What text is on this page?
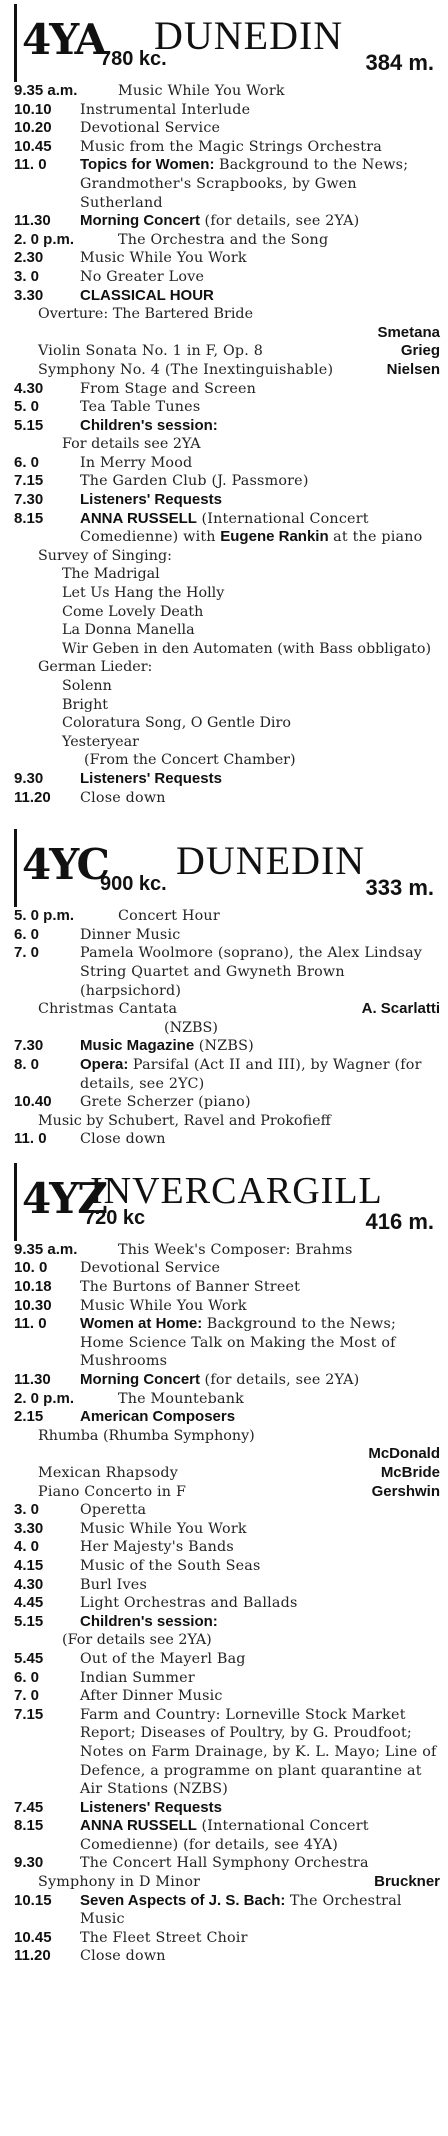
4YA
780 kc.
DUNEDIN
384 m.
9.35 a.m.	Music While You Work
10.10	Instrumental Interlude
10.20	Devotional Service
10.45	Music from the Magic Strings Orchestra
11. 0	Topics for Women: Background to the News; Grandmother's Scrapbooks, by Gwen Sutherland
11.30	Morning Concert (for details, see 2YA)
2. 0 p.m.	The Orchestra and the Song
2.30	Music While You Work
3. 0	No Greater Love
3.30	CLASSICAL HOUR
Overture: The Bartered Bride
Smetana
Violin Sonata No. 1 in F, Op. 8	Grieg
Symphony No. 4 (The Inextinguishable)	Nielsen
4.30	From Stage and Screen
5. 0	Tea Table Tunes
5.15	Children's session:
For details see 2YA
6. 0	In Merry Mood
7.15	The Garden Club (J. Passmore)
7.30	Listeners' Requests
8.15	ANNA RUSSELL (International Concert Comedienne) with Eugene Rankin at the piano
Survey of Singing:
The Madrigal
Let Us Hang the Holly
Come Lovely Death
La Donna Manella
Wir Geben in den Automaten (with Bass obbligato)
German Lieder:
Solenn
Bright
Coloratura Song, O Gentle Diro
Yesteryear
(From the Concert Chamber)
9.30	Listeners' Requests
11.20	Close down
4YC
900 kc.
DUNEDIN
333 m.
5. 0 p.m.	Concert Hour
6. 0	Dinner Music
7. 0	Pamela Woolmore (soprano), the Alex Lindsay String Quartet and Gwyneth Brown (harpsichord)
Christmas Cantata	A. Scarlatti
(NZBS)
7.30	Music Magazine (NZBS)
8. 0	Opera: Parsifal (Act II and III), by Wagner (for details, see 2YC)
10.40	Grete Scherzer (piano)
Music by Schubert, Ravel and Prokofieff
11. 0	Close down
4YZ
720 kc
INVERCARGILL
416 m.
9.35 a.m.	This Week's Composer: Brahms
10. 0	Devotional Service
10.18	The Burtons of Banner Street
10.30	Music While You Work
11. 0	Women at Home: Background to the News; Home Science Talk on Making the Most of Mushrooms
11.30	Morning Concert (for details, see 2YA)
2. 0 p.m.	The Mountebank
2.15	American Composers
Rhumba (Rhumba Symphony)
McDonald
Mexican Rhapsody	McBride
Piano Concerto in F	Gershwin
3. 0	Operetta
3.30	Music While You Work
4. 0	Her Majesty's Bands
4.15	Music of the South Seas
4.30	Burl Ives
4.45	Light Orchestras and Ballads
5.15	Children's session:
(For details see 2YA)
5.45	Out of the Mayerl Bag
6. 0	Indian Summer
7. 0	After Dinner Music
7.15	Farm and Country: Lorneville Stock Market Report; Diseases of Poultry, by G. Proudfoot; Notes on Farm Drainage, by K. L. Mayo; Line of Defence, a programme on plant quarantine at Air Stations (NZBS)
7.45	Listeners' Requests
8.15	ANNA RUSSELL (International Concert Comedienne) (for details, see 4YA)
9.30	The Concert Hall Symphony Orchestra
Symphony in D Minor	Bruckner
10.15	Seven Aspects of J. S. Bach: The Orchestral Music
10.45	The Fleet Street Choir
11.20	Close down
